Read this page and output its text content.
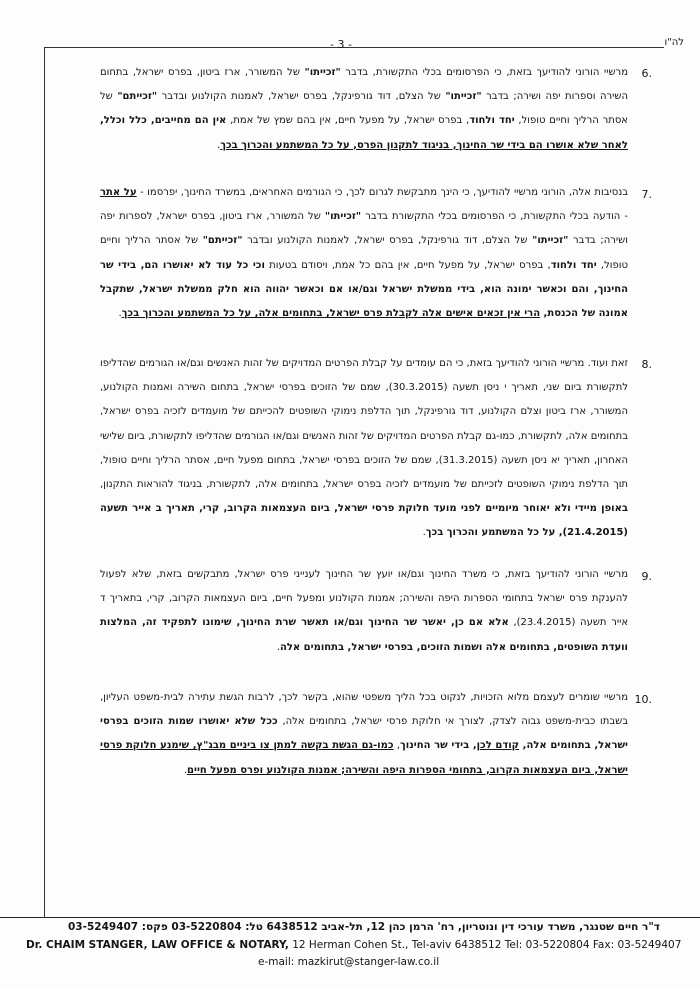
לה"ו
- 3 -
6.

מרשיי הורוני להודיעך בזאת, כי הפרסומים בכלי התקשורת, בדבר "זכייתו" של המשורר, ארז ביטון, בפרס ישראל, בתחום השירה וספרות יפה ושירה; בדבר "זכייתו" של הצלם, דוד גורפינקל, בפרס ישראל, לאמנות הקולנוע ובדבר "זכייתם" של אסתר הרליך וחיים טופול, יחד ולחוד, בפרס ישראל, על מפעל חיים, אין בהם שמץ של אמת, אין הם מחייבים, כלל וכלל, לאחר שלא אושרו הם בידי שר החינוך, בניגוד לתקנון הפרס, על כל המשתמע והכרוך בכך.

7.

בנסיבות אלה, הורוני מרשיי להודיעך, כי הינך מתבקשת לגרום לכך, כי הגורמים האחראים, במשרד החינוך, יפרסמו - על אתר - הודעה בכלי התקשורת, כי הפרסומים בכלי התקשורת בדבר "זכייתו" של המשורר, ארז ביטון, בפרס ישראל, לספרות יפה ושירה; בדבר "זכייתו" של הצלם, דוד גורפינקל, בפרס ישראל, לאמנות הקולנוע ובדבר "זכייתם" של אסתר הרליך וחיים טופול, יחד ולחוד, בפרס ישראל, על מפעל חיים, אין בהם כל אמת, ויסודם בטעות וכי כל עוד לא יאושרו הם, בידי שר החינוך, והם וכאשר ימונה הוא, בידי ממשלת ישראל וגם/או אם וכאשר יהווה הוא חלק ממשלת ישראל, שתקבל אמונה של הכנסת, הרי אין זכאים אישים אלה לקבלת פרס ישראל, בתחומים אלה, על כל המשתמע והכרוך בכך.

8.

זאת ועוד. מרשיי הורוני להודיעך בזאת, כי הם עומדים על קבלת הפרטים המדויקים של זהות האנשים וגם/או הגורמים שהדליפו לתקשורת ביום שני, תאריך י ניסן תשעה (30.3.2015), שמם של הזוכים בפרסי ישראל, בתחום השירה ואמנות הקולנוע, המשורר, ארז ביטון וצלם הקולנוע, דוד גורפינקל, תוך הדלפת נימוקי השופטים להכייתם של מועמדים לזכיה בפרס ישראל, בתחומים אלה, לתקשורת, כמו-גם קבלת הפרטים המדויקים של זהות האנשים וגם/או הגורמים שהדליפו לתקשורת, ביום שלישי האחרון, תאריך יא ניסן תשעה (31.3.2015), שמם של הזוכים בפרסי ישראל, בתחום מפעל חיים, אסתר הרליך וחיים טופול, תוך הדלפת נימוקי השופטים לזכייתם של מועמדים לזכיה בפרס ישראל, בתחומים אלה, לתקשורת, בניגוד להוראות התקנון, באופן מיידי ולא יאוחר מיומיים לפני מועד חלוקת פרסי ישראל, ביום העצמאות הקרוב, קרי, תאריך ב אייר תשעה (21.4.2015), על כל המשתמע והכרוך בכך.

9.

מרשיי הורוני להודיעך בזאת, כי משרד החינוך וגם/או יועץ שר החינוך לענייני פרס ישראל, מתבקשים בזאת, שלא לפעול להענקת פרס ישראל בתחומי הספרות היפה והשירה; אמנות הקולנוע ומפעל חיים, ביום העצמאות הקרוב, קרי, בתאריך ד אייר תשעה (23.4.2015), אלא אם כן, יאשר שר החינוך וגם/או תאשר שרת החינוך, שימונו לתפקיד זה, המלצות וועדת השופטים, בתחומים אלה ושמות הזוכים, בפרסי ישראל, בתחומים אלה.

10.

מרשיי שומרים לעצמם מלוא הזכויות, לנקוט בכל הליך משפטי שהוא, בקשר לכך, לרבות הגשת עתירה לבית-משפט העליון, בשבתו כבית-משפט גבוה לצדק, לצורך אי חלוקת פרסי ישראל, בתחומים אלה, ככל שלא יאושרו שמות הזוכים בפרסי ישראל, בתחומים אלה, קודם לכן, בידי שר החינוך, כמו-גם הגשת בקשה למתן צו ביניים מבג"ץ, שימנע חלוקת פרסי ישראל, ביום העצמאות הקרוב, בתחומי הספרות היפה והשירה; אמנות הקולנוע ופרס מפעל חיים.

ד"ר חיים שטנגר, משרד עורכי דין ונוטריון, רח' הרמן כהן 12, תל-אביב 6438512 טל: 03-5220804 פקס: 03-5249407
Dr. CHAIM STANGER, LAW OFFICE & NOTARY, 12 Herman Cohen St., Tel-aviv 6438512 Tel: 03-5220804 Fax: 03-5249407
e-mail: mazkirut@stanger-law.co.il
